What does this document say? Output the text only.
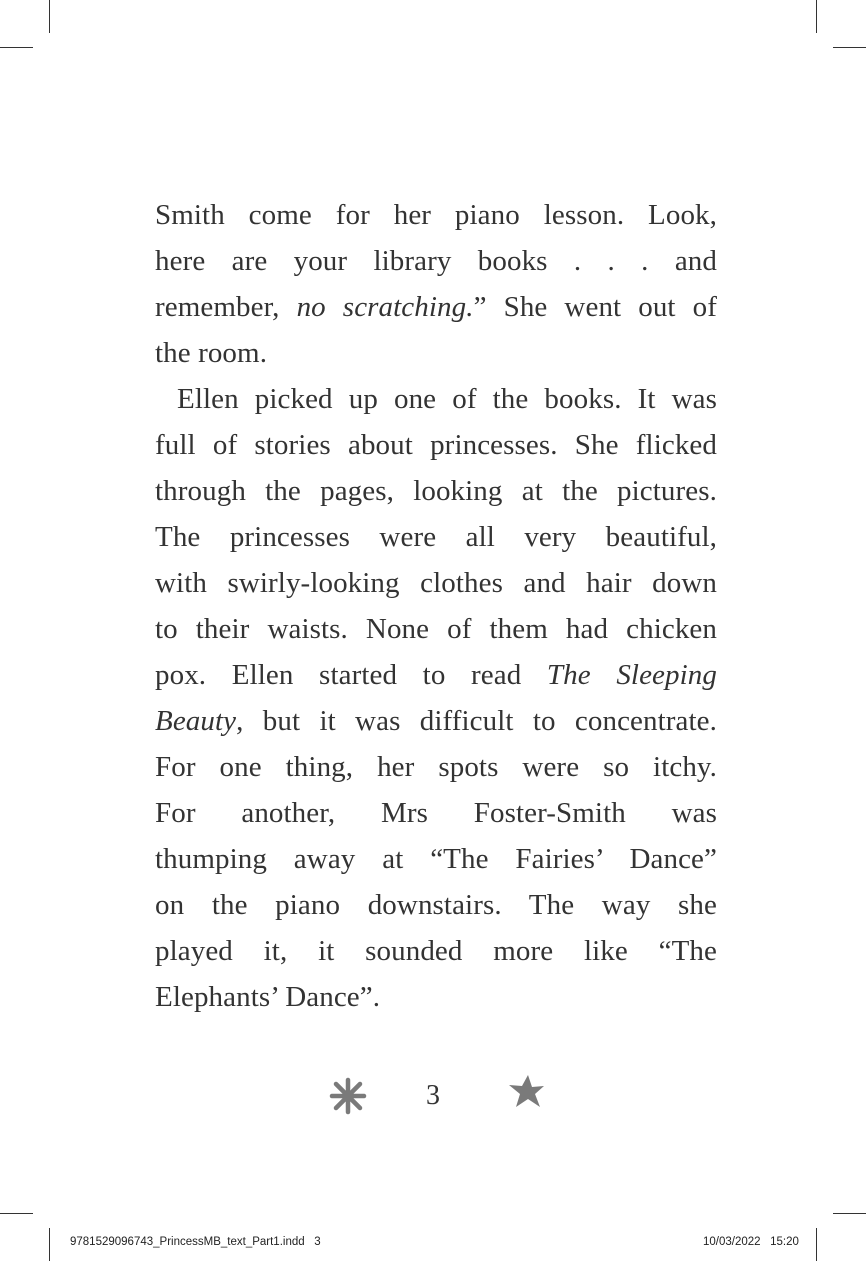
Smith come for her piano lesson. Look,
here are your library books . . . and
remember, no scratching.” She went out of
the room.
Ellen picked up one of the books. It was
full of stories about princesses. She flicked
through the pages, looking at the pictures.
The princesses were all very beautiful,
with swirly-looking clothes and hair down
to their waists. None of them had chicken
pox. Ellen started to read The Sleeping
Beauty, but it was difficult to concentrate.
For one thing, her spots were so itchy.
For another, Mrs Foster-Smith was
thumping away at “The Fairies’ Dance”
on the piano downstairs. The way she
played it, it sounded more like “The
Elephants’ Dance”.
3
9781529096743_PrincessMB_text_Part1.indd   3	10/03/2022   15:20
